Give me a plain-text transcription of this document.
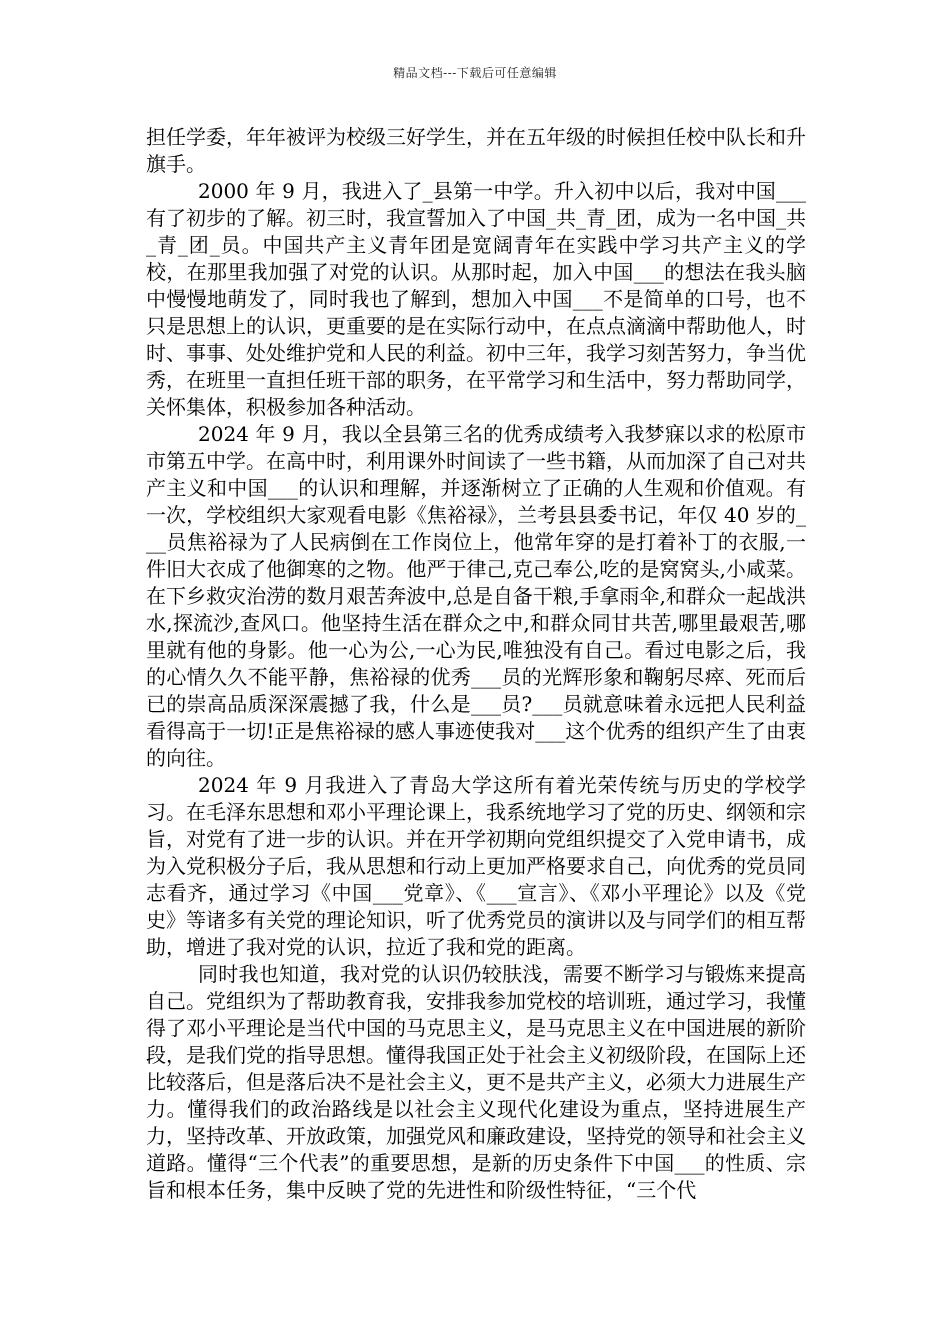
精品文档---下载后可任意编辑

担任学委，年年被评为校级三好学生，并在五年级的时候担任校中队长和升旗手。

2000 年 9 月，我进入了_县第一中学。升入初中以后，我对中国___有了初步的了解。初三时，我宣誓加入了中国_共_青_团，成为一名中国_共_青_团_员。中国共产主义青年团是宽阔青年在实践中学习共产主义的学校，在那里我加强了对党的认识。从那时起，加入中国___的想法在我头脑中慢慢地萌发了，同时我也了解到，想加入中国___不是简单的口号，也不只是思想上的认识，更重要的是在实际行动中，在点点滴滴中帮助他人，时时、事事、处处维护党和人民的利益。初中三年，我学习刻苦努力，争当优秀，在班里一直担任班干部的职务，在平常学习和生活中，努力帮助同学，关怀集体，积极参加各种活动。

2024 年 9 月，我以全县第三名的优秀成绩考入我梦寐以求的松原市市第五中学。在高中时，利用课外时间读了一些书籍，从而加深了自己对共产主义和中国___的认识和理解，并逐渐树立了正确的人生观和价值观。有一次，学校组织大家观看电影《焦裕禄》，兰考县县委书记，年仅 40 岁的___员焦裕禄为了人民病倒在工作岗位上，他常年穿的是打着补丁的衣服,一件旧大衣成了他御寒的之物。他严于律己,克己奉公,吃的是窝窝头,小咸菜。在下乡救灾治涝的数月艰苦奔波中,总是自备干粮,手拿雨伞,和群众一起战洪水,探流沙,查风口。他坚持生活在群众之中,和群众同甘共苦,哪里最艰苦,哪里就有他的身影。他一心为公,一心为民,唯独没有自己。看过电影之后，我的心情久久不能平静，焦裕禄的优秀___员的光辉形象和鞠躬尽瘁、死而后已的崇高品质深深震撼了我，什么是___员?___员就意味着永远把人民利益看得高于一切!正是焦裕禄的感人事迹使我对___这个优秀的组织产生了由衷的向往。

2024 年 9 月我进入了青岛大学这所有着光荣传统与历史的学校学习。在毛泽东思想和邓小平理论课上，我系统地学习了党的历史、纲领和宗旨，对党有了进一步的认识。并在开学初期向党组织提交了入党申请书，成为入党积极分子后，我从思想和行动上更加严格要求自己，向优秀的党员同志看齐，通过学习《中国___党章》、《___宣言》、《邓小平理论》以及《党史》等诸多有关党的理论知识，听了优秀党员的演讲以及与同学们的相互帮助，增进了我对党的认识，拉近了我和党的距离。

同时我也知道，我对党的认识仍较肤浅，需要不断学习与锻炼来提高自己。党组织为了帮助教育我，安排我参加党校的培训班，通过学习，我懂得了邓小平理论是当代中国的马克思主义，是马克思主义在中国进展的新阶段，是我们党的指导思想。懂得我国正处于社会主义初级阶段，在国际上还比较落后，但是落后决不是社会主义，更不是共产主义，必须大力进展生产力。懂得我们的政治路线是以社会主义现代化建设为重点，坚持进展生产力，坚持改革、开放政策，加强党风和廉政建设，坚持党的领导和社会主义道路。懂得“三个代表”的重要思想，是新的历史条件下中国___的性质、宗旨和根本任务，集中反映了党的先进性和阶级性特征，“三个代
